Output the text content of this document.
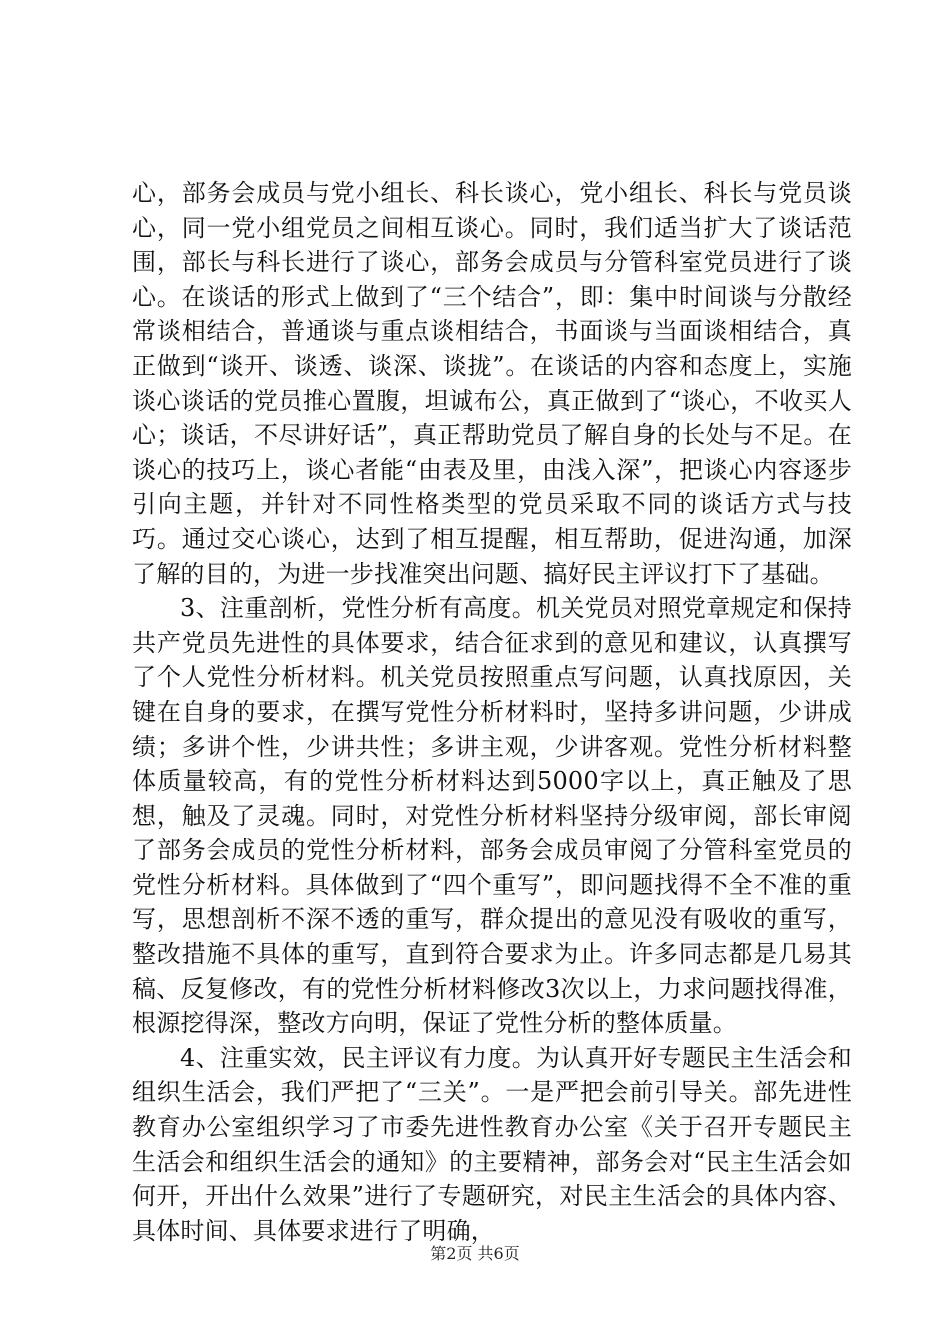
心，部务会成员与党小组长、科长谈心，党小组长、科长与党员谈心，同一党小组党员之间相互谈心。同时，我们适当扩大了谈话范围，部长与科长进行了谈心，部务会成员与分管科室党员进行了谈心。在谈话的形式上做到了“三个结合”，即：集中时间谈与分散经常谈相结合，普通谈与重点谈相结合，书面谈与当面谈相结合，真正做到“谈开、谈透、谈深、谈拢”。在谈话的内容和态度上，实施谈心谈话的党员推心置腹，坦诚布公，真正做到了“谈心，不收买人心；谈话，不尽讲好话”，真正帮助党员了解自身的长处与不足。在谈心的技巧上，谈心者能“由表及里，由浅入深”，把谈心内容逐步引向主题，并针对不同性格类型的党员采取不同的谈话方式与技巧。通过交心谈心，达到了相互提醒，相互帮助，促进沟通，加深了解的目的，为进一步找准突出问题、搞好民主评议打下了基础。

3、注重剖析，党性分析有高度。机关党员对照党章规定和保持共产党员先进性的具体要求，结合征求到的意见和建议，认真撰写了个人党性分析材料。机关党员按照重点写问题，认真找原因，关键在自身的要求，在撰写党性分析材料时，坚持多讲问题，少讲成绩；多讲个性，少讲共性；多讲主观，少讲客观。党性分析材料整体质量较高，有的党性分析材料达到5000字以上，真正触及了思想，触及了灵魂。同时，对党性分析材料坚持分级审阅，部长审阅了部务会成员的党性分析材料，部务会成员审阅了分管科室党员的党性分析材料。具体做到了“四个重写”，即问题找得不全不准的重写，思想剖析不深不透的重写，群众提出的意见没有吸收的重写，整改措施不具体的重写，直到符合要求为止。许多同志都是几易其稿、反复修改，有的党性分析材料修改3次以上，力求问题找得准，根源挖得深，整改方向明，保证了党性分析的整体质量。

4、注重实效，民主评议有力度。为认真开好专题民主生活会和组织生活会，我们严把了“三关”。一是严把会前引导关。部先进性教育办公室组织学习了市委先进性教育办公室《关于召开专题民主生活会和组织生活会的通知》的主要精神，部务会对“民主生活会如何开，开出什么效果”进行了专题研究，对民主生活会的具体内容、具体时间、具体要求进行了明确，

第2页 共6页
